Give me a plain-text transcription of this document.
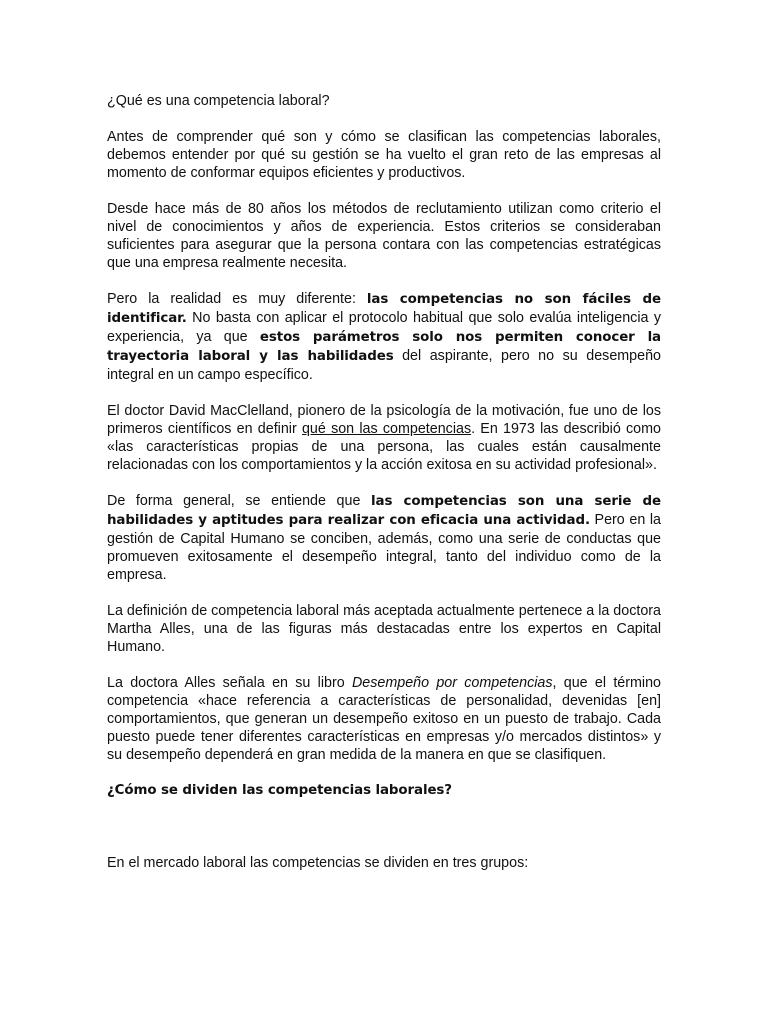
¿Qué es una competencia laboral?

Antes de comprender qué son y cómo se clasifican las competencias laborales, debemos entender por qué su gestión se ha vuelto el gran reto de las empresas al momento de conformar equipos eficientes y productivos.

Desde hace más de 80 años los métodos de reclutamiento utilizan como criterio el nivel de conocimientos y años de experiencia. Estos criterios se consideraban suficientes para asegurar que la persona contara con las competencias estratégicas que una empresa realmente necesita.

Pero la realidad es muy diferente: las competencias no son fáciles de identificar. No basta con aplicar el protocolo habitual que solo evalúa inteligencia y experiencia, ya que estos parámetros solo nos permiten conocer la trayectoria laboral y las habilidades del aspirante, pero no su desempeño integral en un campo específico.

El doctor David MacClelland, pionero de la psicología de la motivación, fue uno de los primeros científicos en definir qué son las competencias. En 1973 las describió como «las características propias de una persona, las cuales están causalmente relacionadas con los comportamientos y la acción exitosa en su actividad profesional».

De forma general, se entiende que las competencias son una serie de habilidades y aptitudes para realizar con eficacia una actividad. Pero en la gestión de Capital Humano se conciben, además, como una serie de conductas que promueven exitosamente el desempeño integral, tanto del individuo como de la empresa.

La definición de competencia laboral más aceptada actualmente pertenece a la doctora Martha Alles, una de las figuras más destacadas entre los expertos en Capital Humano.

La doctora Alles señala en su libro Desempeño por competencias, que el término competencia «hace referencia a características de personalidad, devenidas [en] comportamientos, que generan un desempeño exitoso en un puesto de trabajo. Cada puesto puede tener diferentes características en empresas y/o mercados distintos» y su desempeño dependerá en gran medida de la manera en que se clasifiquen.

¿Cómo se dividen las competencias laborales?

En el mercado laboral las competencias se dividen en tres grupos:
